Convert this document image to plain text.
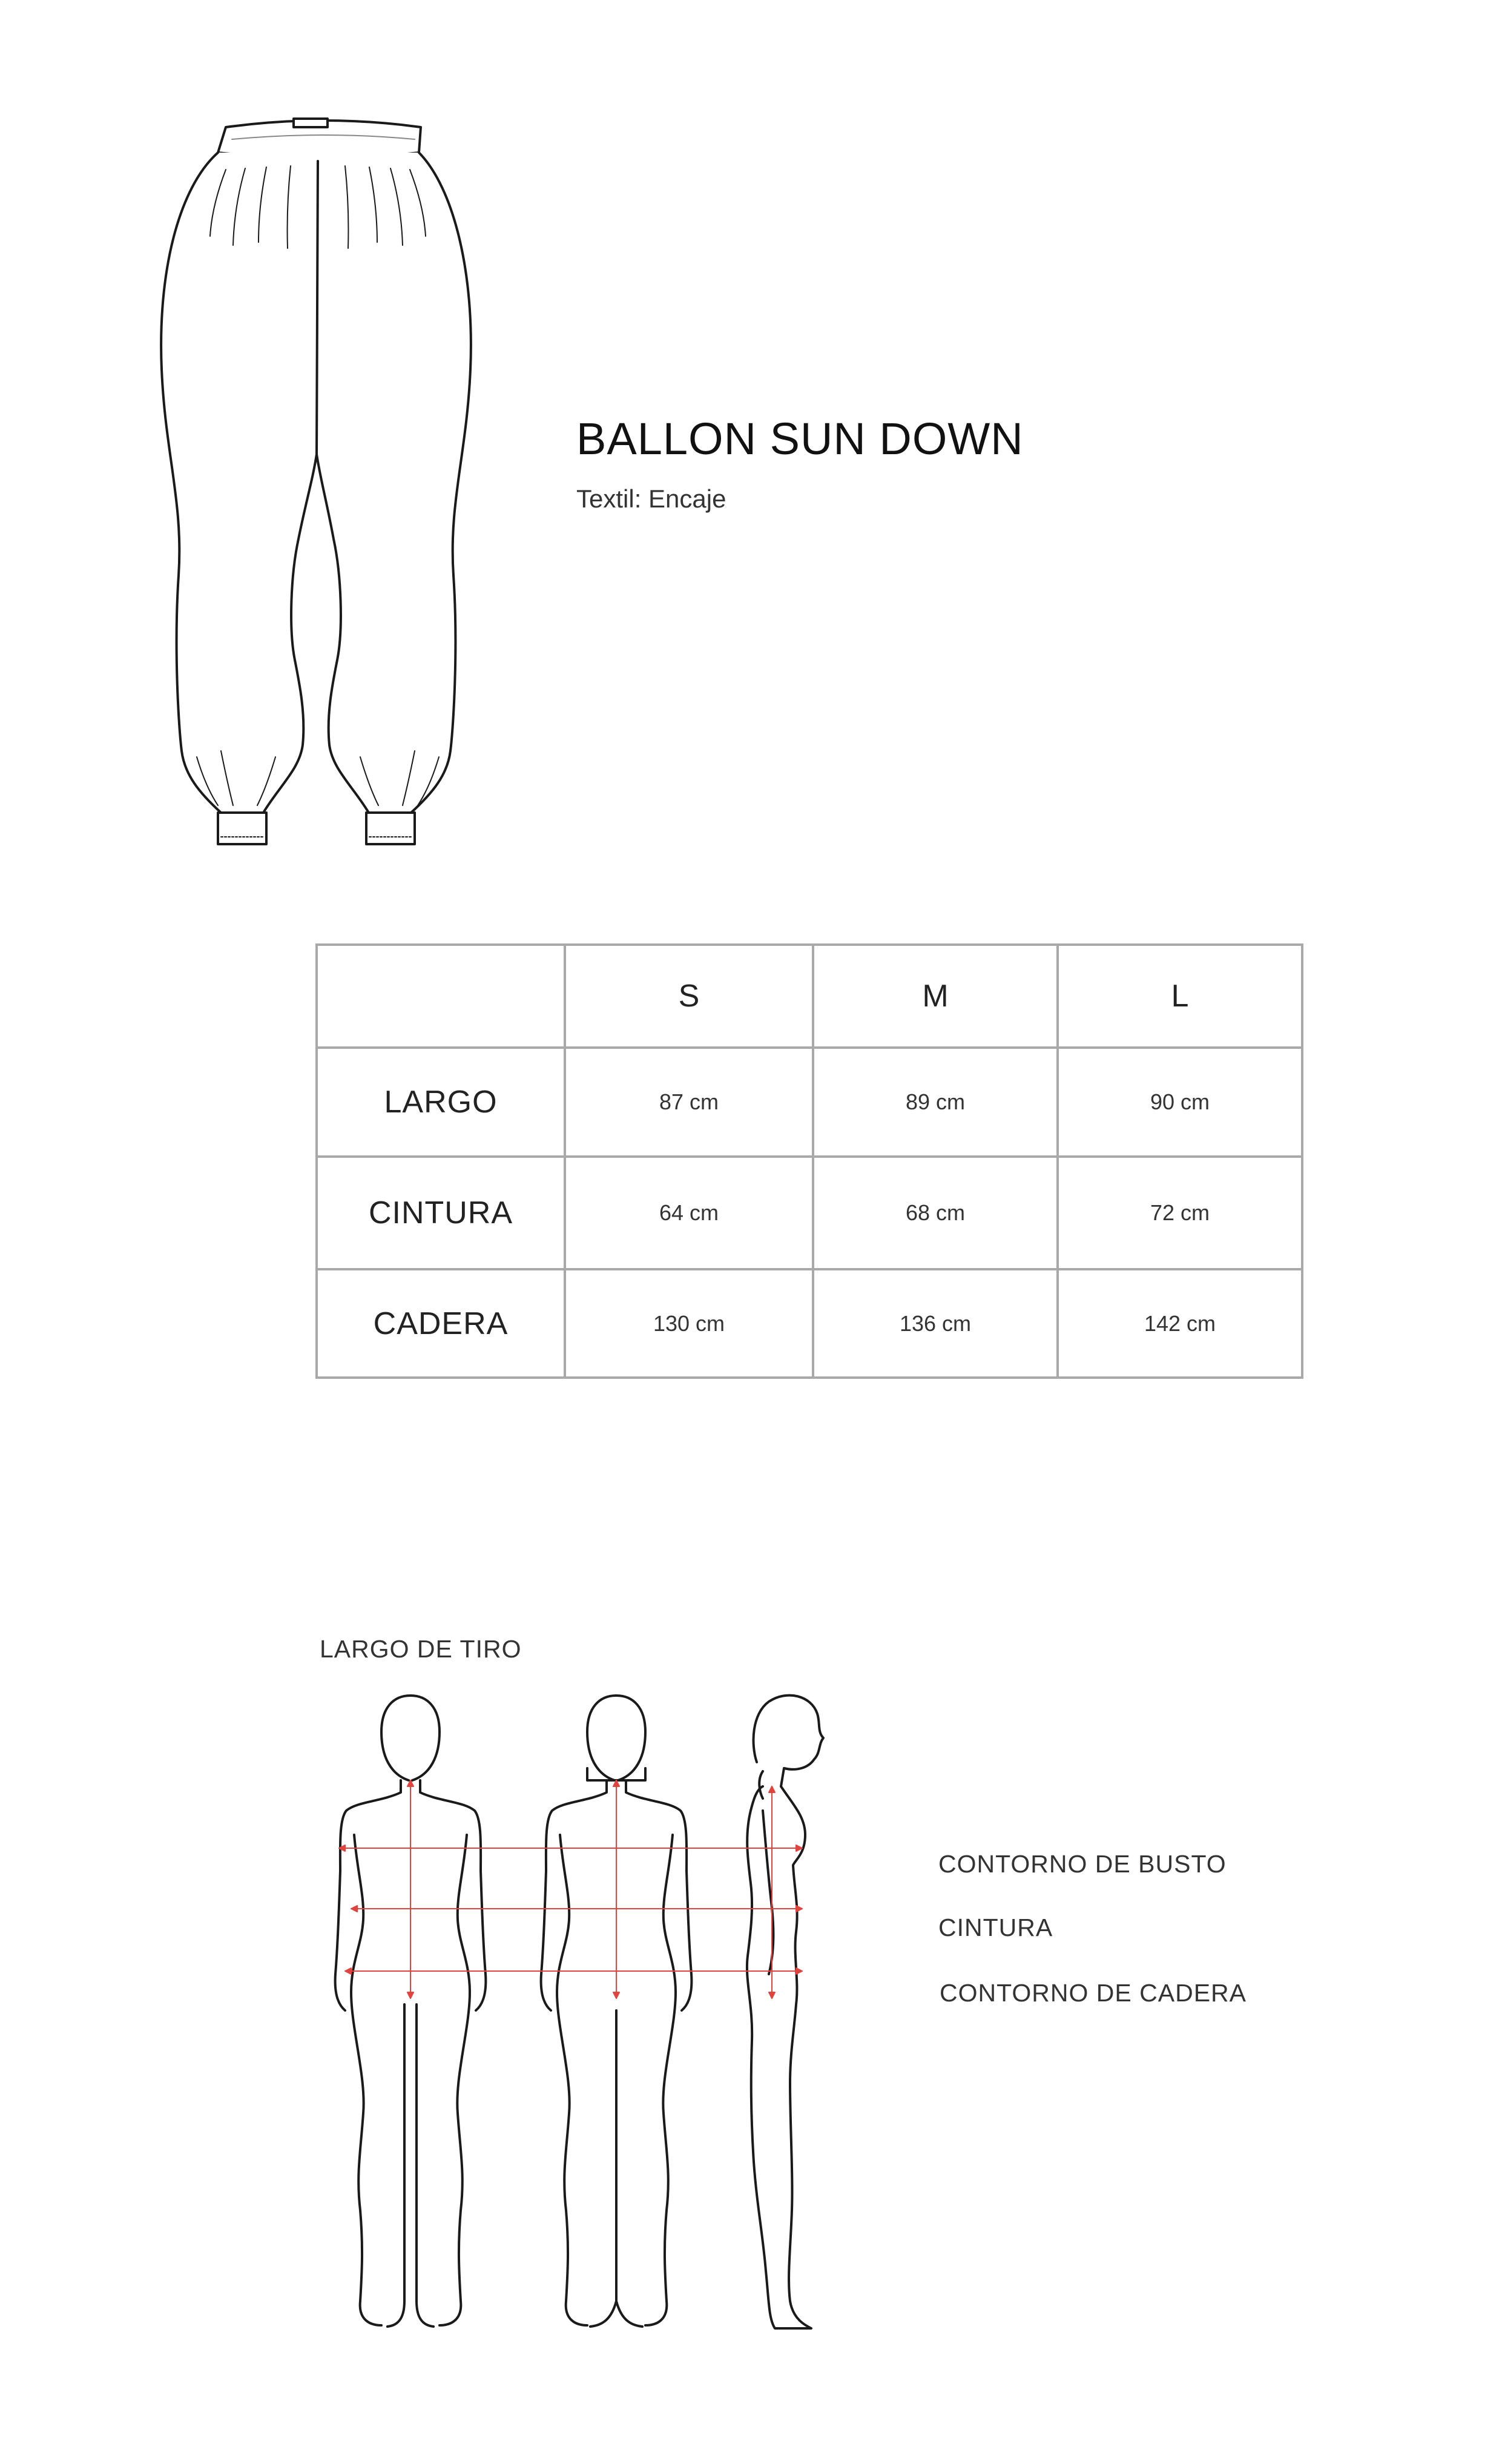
BALLON SUN DOWN
Textil: Encaje
	S	M	L
LARGO	87 cm	89 cm	90 cm
CINTURA	64 cm	68 cm	72 cm
CADERA	130 cm	136 cm	142 cm
LARGO DE TIRO
CONTORNO DE BUSTO
CINTURA
CONTORNO DE CADERA
